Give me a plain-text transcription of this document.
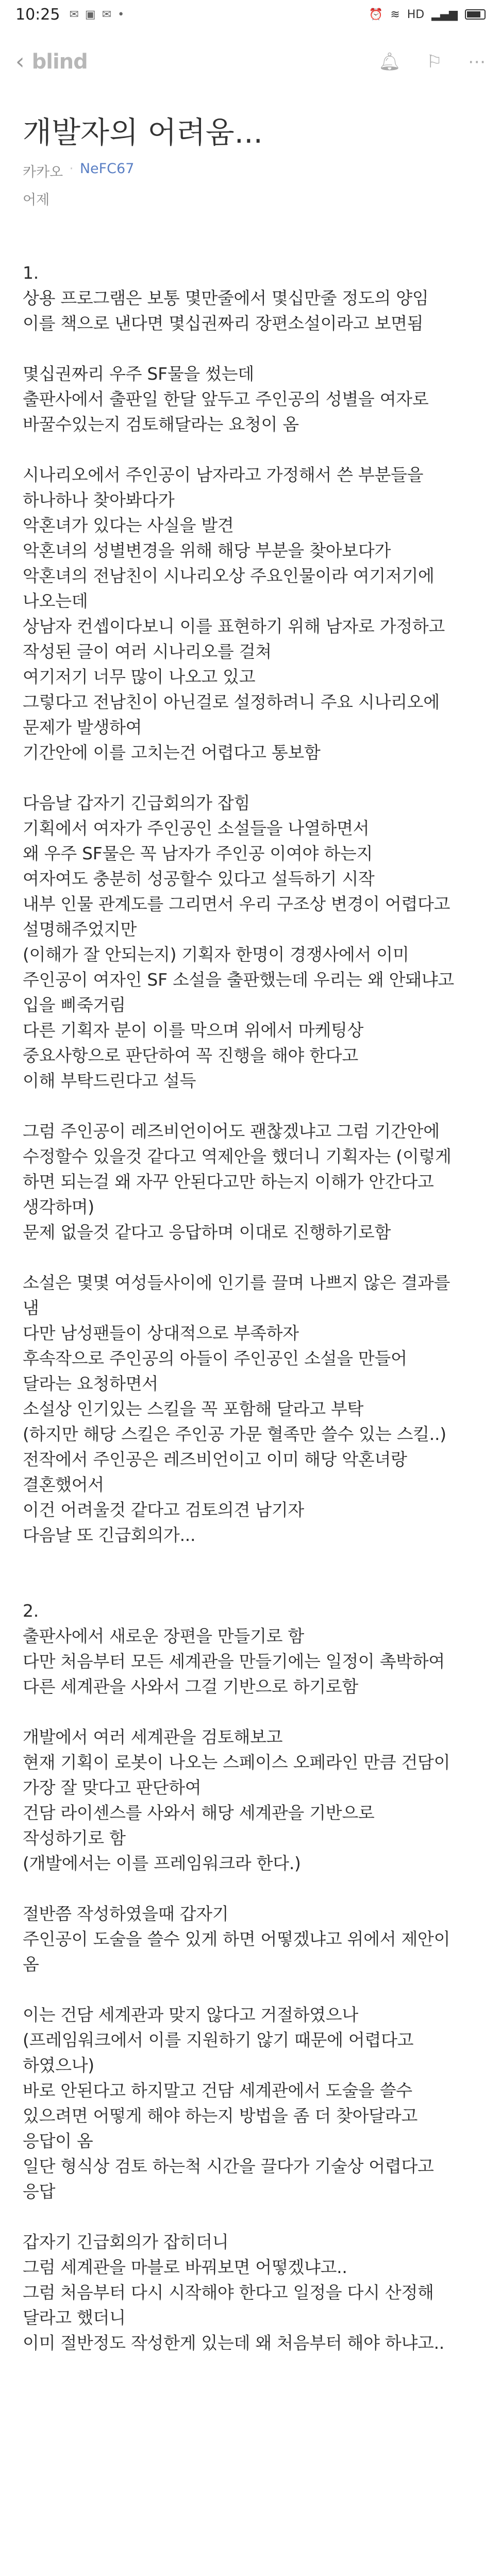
10:25 ✉ ▣ ✉ •	⏰ ≋ HD ▂▄▆
‹ blind	🔔︎ ⚐ ⋯
개발자의 어려움...
카카오 · NeFC67
어제

1.

상용 프로그램은 보통 몇만줄에서 몇십만줄 정도의 양임

이를 책으로 낸다면 몇십권짜리 장편소설이라고 보면됨

몇십권짜리 우주 SF물을 썼는데

출판사에서 출판일 한달 앞두고 주인공의 성별을 여자로

바꿀수있는지 검토해달라는 요청이 옴

시나리오에서 주인공이 남자라고 가정해서 쓴 부분들을

하나하나 찾아봐다가

악혼녀가 있다는 사실을 발견

악혼녀의 성별변경을 위해 해당 부분을 찾아보다가

악혼녀의 전남친이 시나리오상 주요인물이라 여기저기에

나오는데

상남자 컨셉이다보니 이를 표현하기 위해 남자로 가정하고

작성된 글이 여러 시나리오를 걸쳐

여기저기 너무 많이 나오고 있고

그렇다고 전남친이 아닌걸로 설정하려니 주요 시나리오에

문제가 발생하여

기간안에 이를 고치는건 어렵다고 통보함

다음날 갑자기 긴급회의가 잡힘

기획에서 여자가 주인공인 소설들을 나열하면서

왜 우주 SF물은 꼭 남자가 주인공 이여야 하는지

여자여도 충분히 성공할수 있다고 설득하기 시작

내부 인물 관계도를 그리면서 우리 구조상 변경이 어렵다고

설명해주었지만

(이해가 잘 안되는지) 기획자 한명이 경쟁사에서 이미

주인공이 여자인 SF 소설을 출판했는데 우리는 왜 안돼냐고

입을 삐죽거림

다른 기획자 분이 이를 막으며 위에서 마케팅상

중요사항으로 판단하여 꼭 진행을 해야 한다고

이해 부탁드린다고 설득

그럼 주인공이 레즈비언이어도 괜찮겠냐고 그럼 기간안에

수정할수 있을것 같다고 역제안을 했더니 기획자는 (이렇게

하면 되는걸 왜 자꾸 안된다고만 하는지 이해가 안간다고

생각하며)

문제 없을것 같다고 응답하며 이대로 진행하기로함

소설은 몇몇 여성들사이에 인기를 끌며 나쁘지 않은 결과를

냄

다만 남성팬들이 상대적으로 부족하자

후속작으로 주인공의 아들이 주인공인 소설을 만들어

달라는 요청하면서

소설상 인기있는 스킬을 꼭 포함해 달라고 부탁

(하지만 해당 스킬은 주인공 가문 혈족만 쓸수 있는 스킬..)

전작에서 주인공은 레즈비언이고 이미 해당 악혼녀랑

결혼했어서

이건 어려울것 같다고 검토의견 남기자

다음날 또 긴급회의가...

2.

출판사에서 새로운 장편을 만들기로 함

다만 처음부터 모든 세계관을 만들기에는 일정이 촉박하여

다른 세계관을 사와서 그걸 기반으로 하기로함

개발에서 여러 세계관을 검토해보고

현재 기획이 로봇이 나오는 스페이스 오페라인 만큼 건담이

가장 잘 맞다고 판단하여

건담 라이센스를 사와서 해당 세계관을 기반으로

작성하기로 함

(개발에서는 이를 프레임워크라 한다.)

절반쯤 작성하였을때 갑자기

주인공이 도술을 쓸수 있게 하면 어떻겠냐고 위에서 제안이

옴

이는 건담 세계관과 맞지 않다고 거절하였으나

(프레임워크에서 이를 지원하기 않기 때문에 어렵다고

하였으나)

바로 안된다고 하지말고 건담 세계관에서 도술을 쓸수

있으려면 어떻게 해야 하는지 방법을 좀 더 찾아달라고

응답이 옴

일단 형식상 검토 하는척 시간을 끌다가 기술상 어렵다고

응답

갑자기 긴급회의가 잡히더니

그럼 세계관을 마블로 바꿔보면 어떻겠냐고..

그럼 처음부터 다시 시작해야 한다고 일정을 다시 산정해

달라고 했더니

이미 절반정도 작성한게 있는데 왜 처음부터 해야 하냐고..
